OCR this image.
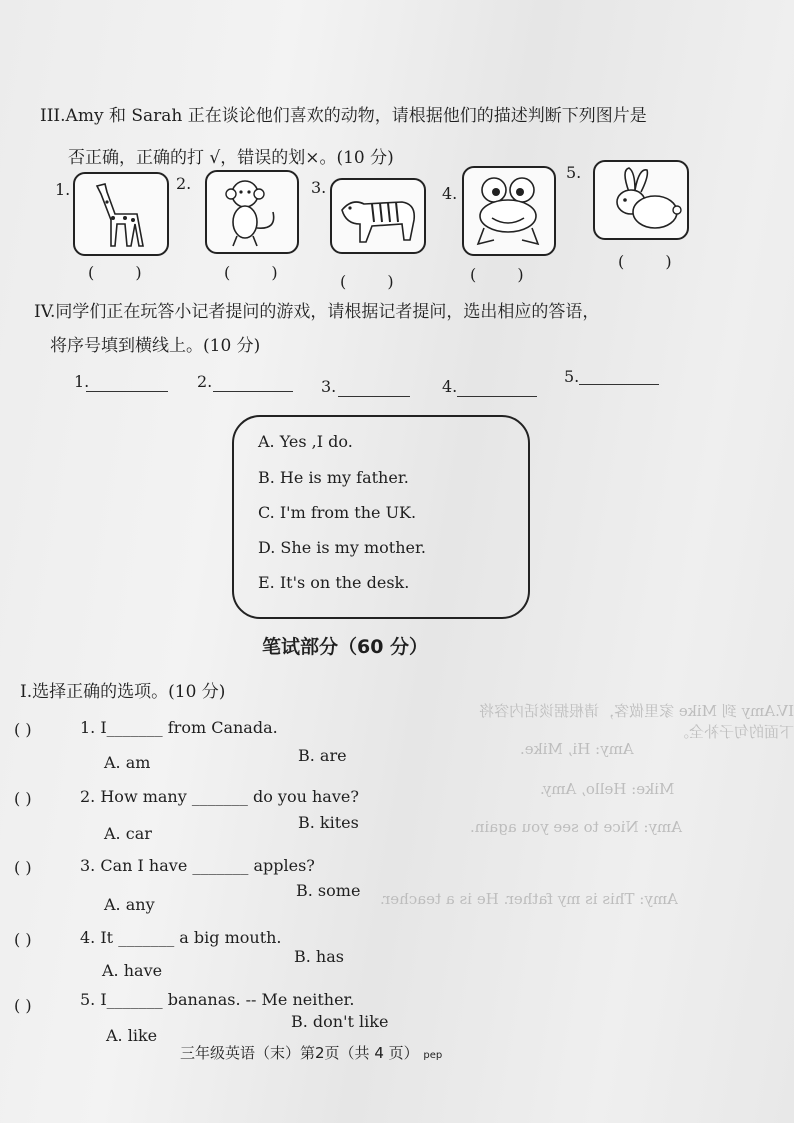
IV.Amy 到 Mike 家里做客，请根据谈话内容将下面的句子补全。
Amy: Hi, Mike.
Mike: Hello, Amy.
Amy: Nice to see you again.
Amy: This is my father. He is a teacher.
III.Amy 和 Sarah 正在谈论他们喜欢的动物，请根据他们的描述判断下列图片是
否正确，正确的打 √，错误的划×。(10 分)
1.
( )
2.
( )
3.
( )
4.
( )
5.
( )
IV.同学们正在玩答小记者提问的游戏，请根据记者提问，选出相应的答语，
将序号填到横线上。(10 分)
1.	2.	3.	4.
5.
A. Yes ,I do.
B. He is my father.
C. I'm from the UK.
D. She is my mother.
E. It's on the desk.
笔试部分（60 分）
I.选择正确的选项。(10 分)
( )	1. I_______ from Canada.
A. am	B. are
( )	2. How many _______ do you have?
A. car
B. kites
( )	3. Can I have _______ apples?
A. any
B. some
( )	4. It _______ a big mouth.
A. have
B. has
( )	5. I_______ bananas. -- Me neither.
A. like
B. don't like
三年级英语（末）第2页（共 4 页） pep
